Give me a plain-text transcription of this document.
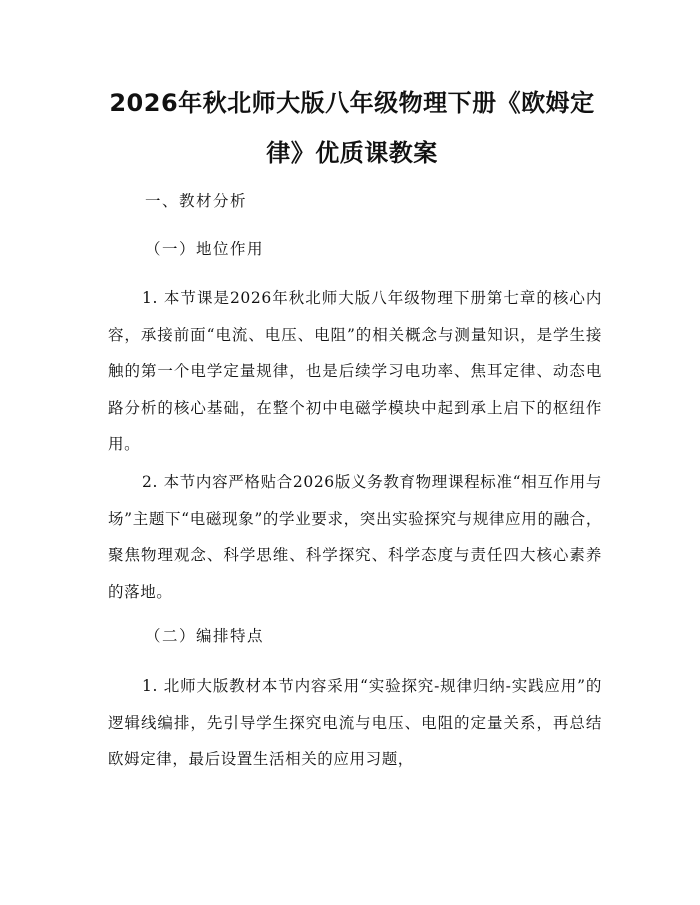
2026年秋北师大版八年级物理下册《欧姆定律》优质课教案

一、教材分析

（一）地位作用

1. 本节课是2026年秋北师大版八年级物理下册第七章的核心内容，承接前面“电流、电压、电阻”的相关概念与测量知识，是学生接触的第一个电学定量规律，也是后续学习电功率、焦耳定律、动态电路分析的核心基础，在整个初中电磁学模块中起到承上启下的枢纽作用。

2. 本节内容严格贴合2026版义务教育物理课程标准“相互作用与场”主题下“电磁现象”的学业要求，突出实验探究与规律应用的融合，聚焦物理观念、科学思维、科学探究、科学态度与责任四大核心素养的落地。

（二）编排特点

1. 北师大版教材本节内容采用“实验探究-规律归纳-实践应用”的逻辑线编排，先引导学生探究电流与电压、电阻的定量关系，再总结欧姆定律，最后设置生活相关的应用习题，
